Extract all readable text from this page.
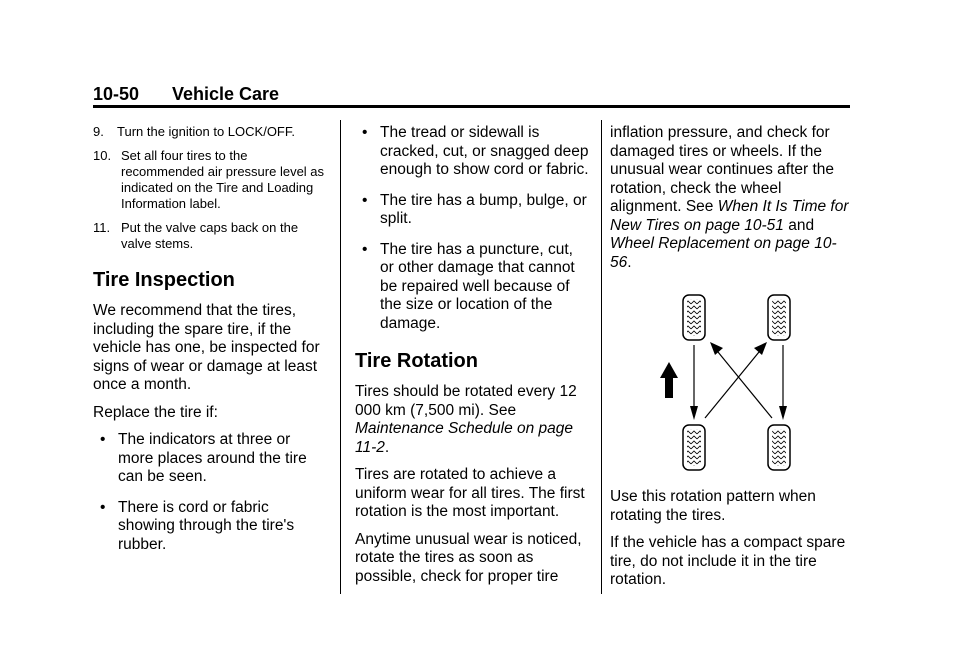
10-50 Vehicle Care
9. Turn the ignition to LOCK/OFF.
10. Set all four tires to the recommended air pressure level as indicated on the Tire and Loading Information label.
11. Put the valve caps back on the valve stems.
Tire Inspection

We recommend that the tires, including the spare tire, if the vehicle has one, be inspected for signs of wear or damage at least once a month.

Replace the tire if:

• The indicators at three or more places around the tire can be seen.
• There is cord or fabric showing through the tire's rubber.
• The tread or sidewall is cracked, cut, or snagged deep enough to show cord or fabric.
• The tire has a bump, bulge, or split.
• The tire has a puncture, cut, or other damage that cannot be repaired well because of the size or location of the damage.
Tire Rotation

Tires should be rotated every 12 000 km (7,500 mi). See Maintenance Schedule on page 11-2.

Tires are rotated to achieve a uniform wear for all tires. The first rotation is the most important.

Anytime unusual wear is noticed, rotate the tires as soon as possible, check for proper tire

inflation pressure, and check for damaged tires or wheels. If the unusual wear continues after the rotation, check the wheel alignment. See When It Is Time for New Tires on page 10-51 and Wheel Replacement on page 10-56.

Use this rotation pattern when rotating the tires.

If the vehicle has a compact spare tire, do not include it in the tire rotation.
